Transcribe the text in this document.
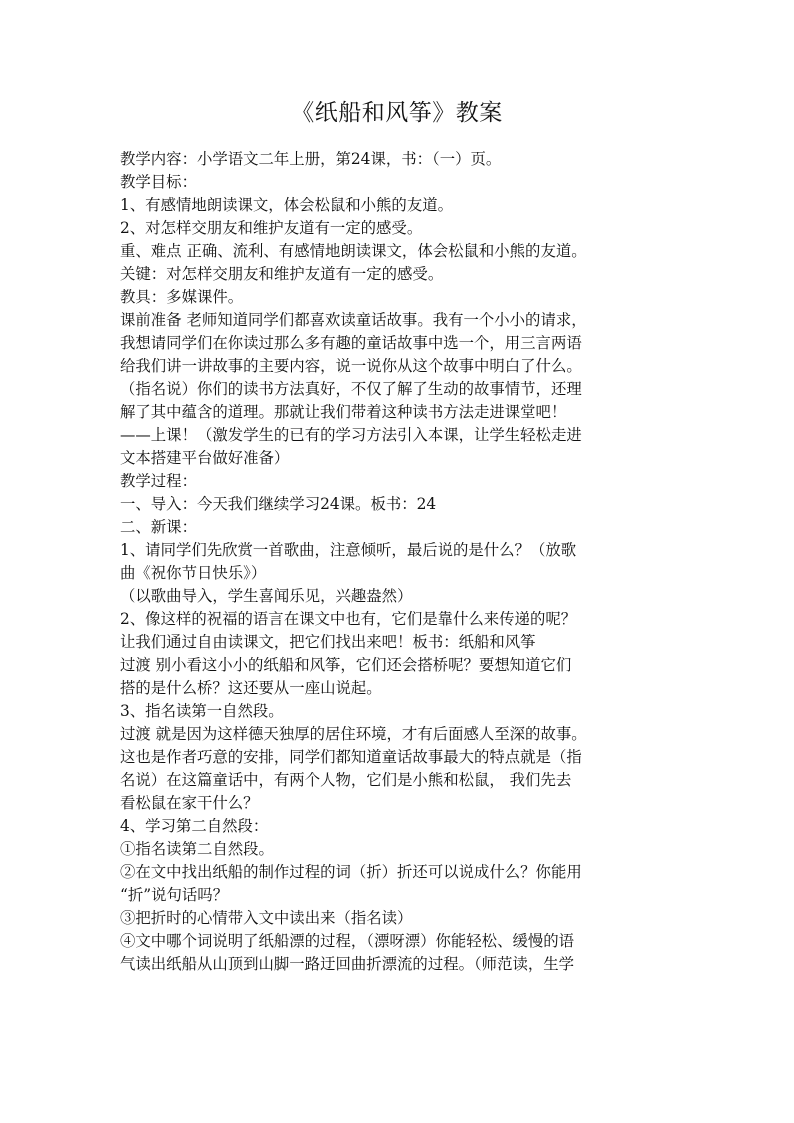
《纸船和风筝》教案
教学内容：小学语文二年上册，第24课，书：（一）页。
教学目标：
1、有感情地朗读课文，体会松鼠和小熊的友道。
2、对怎样交朋友和维护友道有一定的感受。
重、难点 正确、流利、有感情地朗读课文，体会松鼠和小熊的友道。
关键：对怎样交朋友和维护友道有一定的感受。
教具：多媒课件。
课前准备 老师知道同学们都喜欢读童话故事。我有一个小小的请求，
我想请同学们在你读过那么多有趣的童话故事中选一个，用三言两语
给我们讲一讲故事的主要内容，说一说你从这个故事中明白了什么。
（指名说）你们的读书方法真好，不仅了解了生动的故事情节，还理
解了其中蕴含的道理。那就让我们带着这种读书方法走进课堂吧！
——上课！（激发学生的已有的学习方法引入本课，让学生轻松走进
文本搭建平台做好准备）
教学过程：
一、导入：今天我们继续学习24课。板书：24
二、新课：
1、请同学们先欣赏一首歌曲，注意倾听，最后说的是什么？（放歌
曲《祝你节日快乐》）
（以歌曲导入，学生喜闻乐见，兴趣盎然）
2、像这样的祝福的语言在课文中也有，它们是靠什么来传递的呢？
让我们通过自由读课文，把它们找出来吧！板书：纸船和风筝
过渡 别小看这小小的纸船和风筝，它们还会搭桥呢？要想知道它们
搭的是什么桥？这还要从一座山说起。
3、指名读第一自然段。
过渡 就是因为这样德天独厚的居住环境，才有后面感人至深的故事。
这也是作者巧意的安排，同学们都知道童话故事最大的特点就是（指
名说）在这篇童话中，有两个人物，它们是小熊和松鼠， 我们先去
看松鼠在家干什么？
4、学习第二自然段：
①指名读第二自然段。
②在文中找出纸船的制作过程的词（折）折还可以说成什么？你能用
“折”说句话吗？
③把折时的心情带入文中读出来（指名读）
④文中哪个词说明了纸船漂的过程，（漂呀漂）你能轻松、缓慢的语
气读出纸船从山顶到山脚一路迂回曲折漂流的过程。（师范读，生学
